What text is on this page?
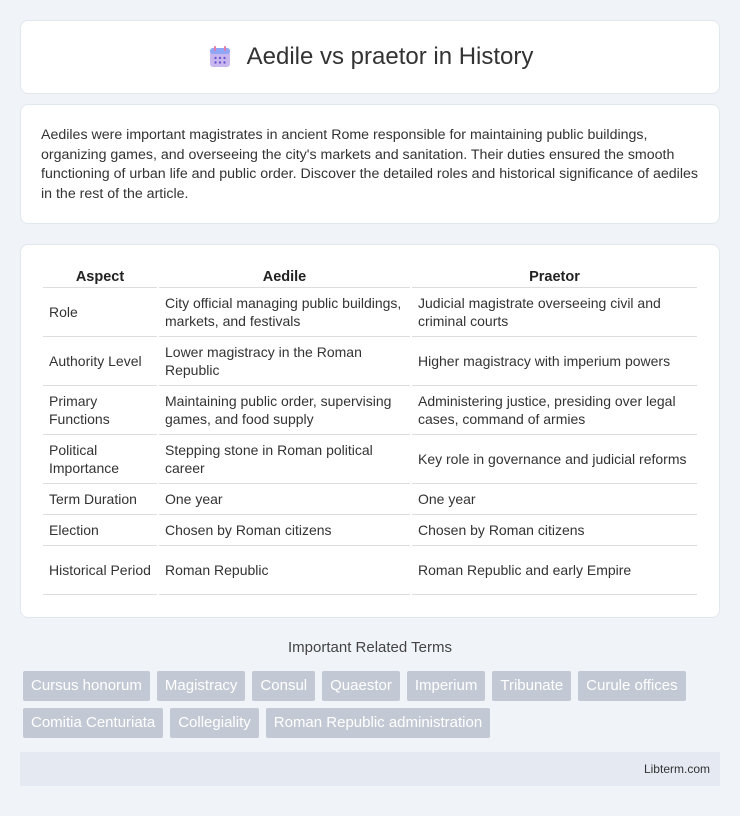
Aedile vs praetor in History

Aediles were important magistrates in ancient Rome responsible for maintaining public buildings, organizing games, and overseeing the city's markets and sanitation. Their duties ensured the smooth functioning of urban life and public order. Discover the detailed roles and historical significance of aediles in the rest of the article.

Aspect	Aedile	Praetor
Role	City official managing public buildings, markets, and festivals	Judicial magistrate overseeing civil and criminal courts
Authority Level	Lower magistracy in the Roman Republic	Higher magistracy with imperium powers
Primary Functions	Maintaining public order, supervising games, and food supply	Administering justice, presiding over legal cases, command of armies
Political Importance	Stepping stone in Roman political career	Key role in governance and judicial reforms
Term Duration	One year	One year
Election	Chosen by Roman citizens	Chosen by Roman citizens
Historical Period	Roman Republic	Roman Republic and early Empire
Important Related Terms
Cursus honorum	Magistracy	Consul	Quaestor	Imperium	Tribunate	Curule offices
Comitia Centuriata	Collegiality	Roman Republic administration
Libterm.com
